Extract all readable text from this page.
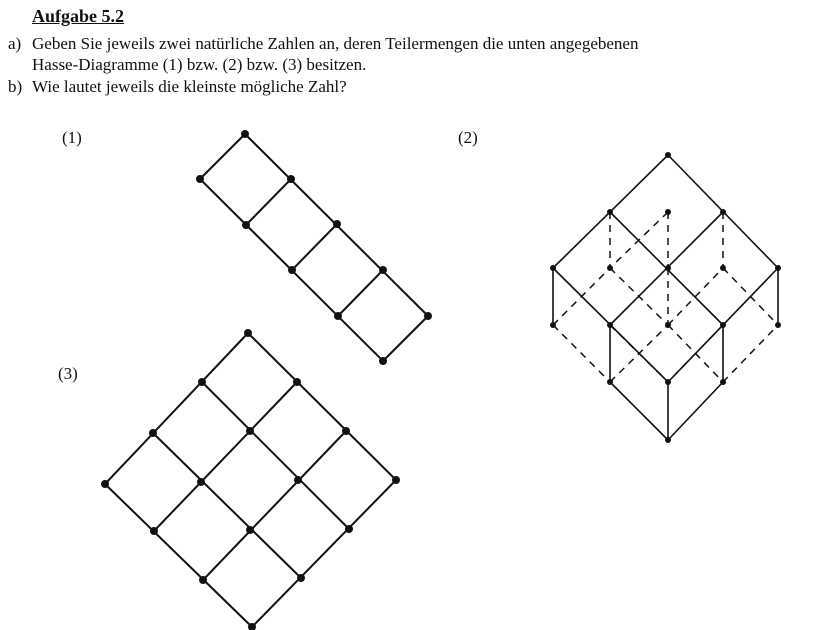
Aufgabe 5.2
a) Geben Sie jeweils zwei natürliche Zahlen an, deren Teilermengen die unten angegebenen
Hasse-Diagramme (1) bzw. (2) bzw. (3) besitzen.
b) Wie lautet jeweils die kleinste mögliche Zahl?
(1)	(2)
(3)
